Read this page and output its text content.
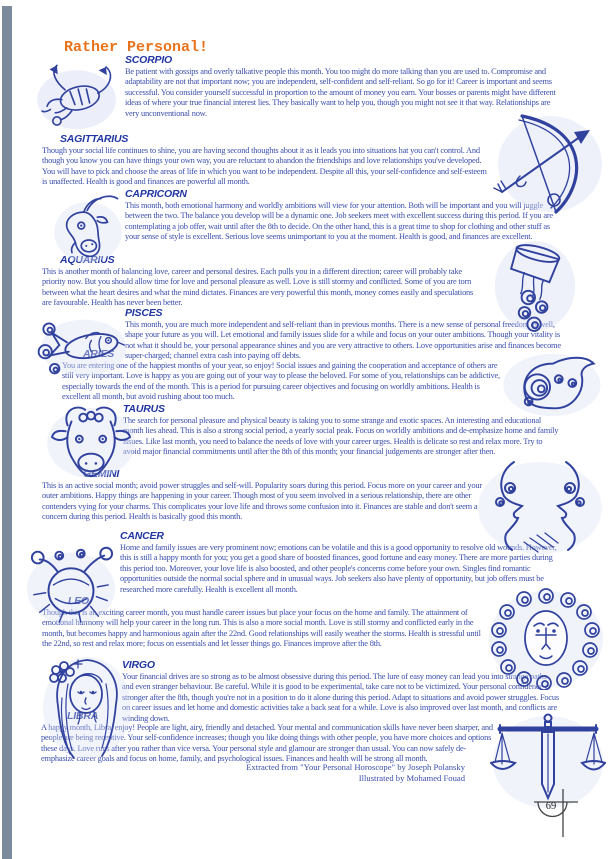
Rather Personal!
SCORPIO

Be patient with gossips and overly talkative people this month. You too might do more talking than you are used to. Compromise and adaptability are not that important now; you are independent, self-confident and self-reliant. So go for it! Career is important and seems successful. You consider yourself successful in proportion to the amount of money you earn. Your bosses or parents might have different ideas of where your true financial interest lies. They basically want to help you, though you might not see it that way. Relationships are very unconventional now.

SAGITTARIUS

Though your social life continues to shine, you are having second thoughts about it as it leads you into situations hat you can't control. And though you know you can have things your own way, you are reluctant to abandon the friendships and love relationships you've developed. You will have to pick and choose the areas of life in which you want to be independent. Despite all this, your self-confidence and self-esteem is unaffected. Health is good and finances are powerful all month.

CAPRICORN

This month, both emotional harmony and worldly ambitions will view for your attention. Both will be important and you will juggle between the two. The balance you develop will be a dynamic one. Job seekers meet with excellent success during this period. If you are contemplating a job offer, wait until after the 8th to decide. On the other hand, this is a great time to shop for clothing and other stuff as your sense of style is excellent. Serious love seems unimportant to you at the moment. Health is good, and finances are excellent.

AQUARIUS

This is another month of balancing love, career and personal desires. Each pulls you in a different direction; career will probably take priority now. But you should allow time for love and personal pleasure as well. Love is still stormy and conflicted. Some of you are torn between what the heart desires and what the mind dictates. Finances are very powerful this month, money comes easily and speculations are favourable. Health has never been better.

PISCES

This month, you are much more independent and self-reliant than in previous months. There is a new sense of personal freedom as well, shape your future as you will. Let emotional and family issues slide for a while and focus on your outer ambitions. Though your vitality is not what it should be, your personal appearance shines and you are very attractive to others. Love opportunities arise and finances become super-charged; channel extra cash into paying off debts.

ARIES

You are entering one of the happiest months of your year, so enjoy! Social issues and gaining the cooperation and acceptance of others are still very important. Love is happy as you are going out of your way to please the beloved. For some of you, relationships can be addictive, especially towards the end of the month. This is a period for pursuing career objectives and focusing on worldly ambitions. Health is excellent all month, but avoid rushing about too much.

TAURUS

The search for personal pleasure and physical beauty is taking you to some strange and exotic spaces. An interesting and educational month lies ahead. This is also a strong social period, a yearly social peak. Focus on worldly ambitions and de-emphasize home and family issues. Like last month, you need to balance the needs of love with your career urges. Health is delicate so rest and relax more. Try to avoid major financial commitments until after the 8th of this month; your financial judgements are stronger after then.

GEMINI

This is an active social month; avoid power struggles and self-will. Popularity soars during this period. Focus more on your career and your outer ambitions. Happy things are happening in your career. Though most of you seem involved in a serious relationship, there are other contenders vying for your charms. This complicates your love life and throws some confusion into it. Finances are stable and don't seem a concern during this period. Health is basically good this month.

CANCER

Home and family issues are very prominent now; emotions can be volatile and this is a good opportunity to resolve old wounds. However, this is still a happy month for you; you get a good share of boosted finances, good fortune and easy money. There are more parties during this period too. Moreover, your love life is also boosted, and other people's concerns come before your own. Singles find romantic opportunities outside the normal social sphere and in unusual ways. Job seekers also have plenty of opportunity, but job offers must be researched more carefully. Health is excellent all month.

LEO

Though this is an exciting career month, you must handle career issues but place your focus on the home and family. The attainment of emotional harmony will help your career in the long run. This is also a more social month. Love is still stormy and conflicted early in the month, but becomes happy and harmonious again after the 22nd. Good relationships will easily weather the storms. Health is stressful until the 22nd, so rest and relax more; focus on essentials and let lesser things go. Finances improve after the 8th.

VIRGO

Your financial drives are so strong as to be almost obsessive during this period. The lure of easy money can lead you into strange paths and even stranger behaviour. Be careful. While it is good to be experimental, take care not to be victimized. Your personal confidence is stronger after the 8th, though you're not in a position to do it alone during this period. Adapt to situations and avoid power struggles. Focus on career issues and let home and domestic activities take a back seat for a while. Love is also improved over last month, and conflicts are winding down.

LIBRA

A happy month, Libra, enjoy! People are light, airy, friendly and detached. Your mental and communication skills have never been sharper, and people are being receptive. Your self-confidence increases; though you like doing things with other people, you have more choices and options these days. Love runs after you rather than vice versa. Your personal style and glamour are stronger than usual. You can now safely de-emphasize career goals and focus on home, family, and psychological issues. Finances and health will be strong all month.

Extracted from "Your Personal Horoscope" by Joseph Polansky
Illustrated by Mohamed Fouad
69
